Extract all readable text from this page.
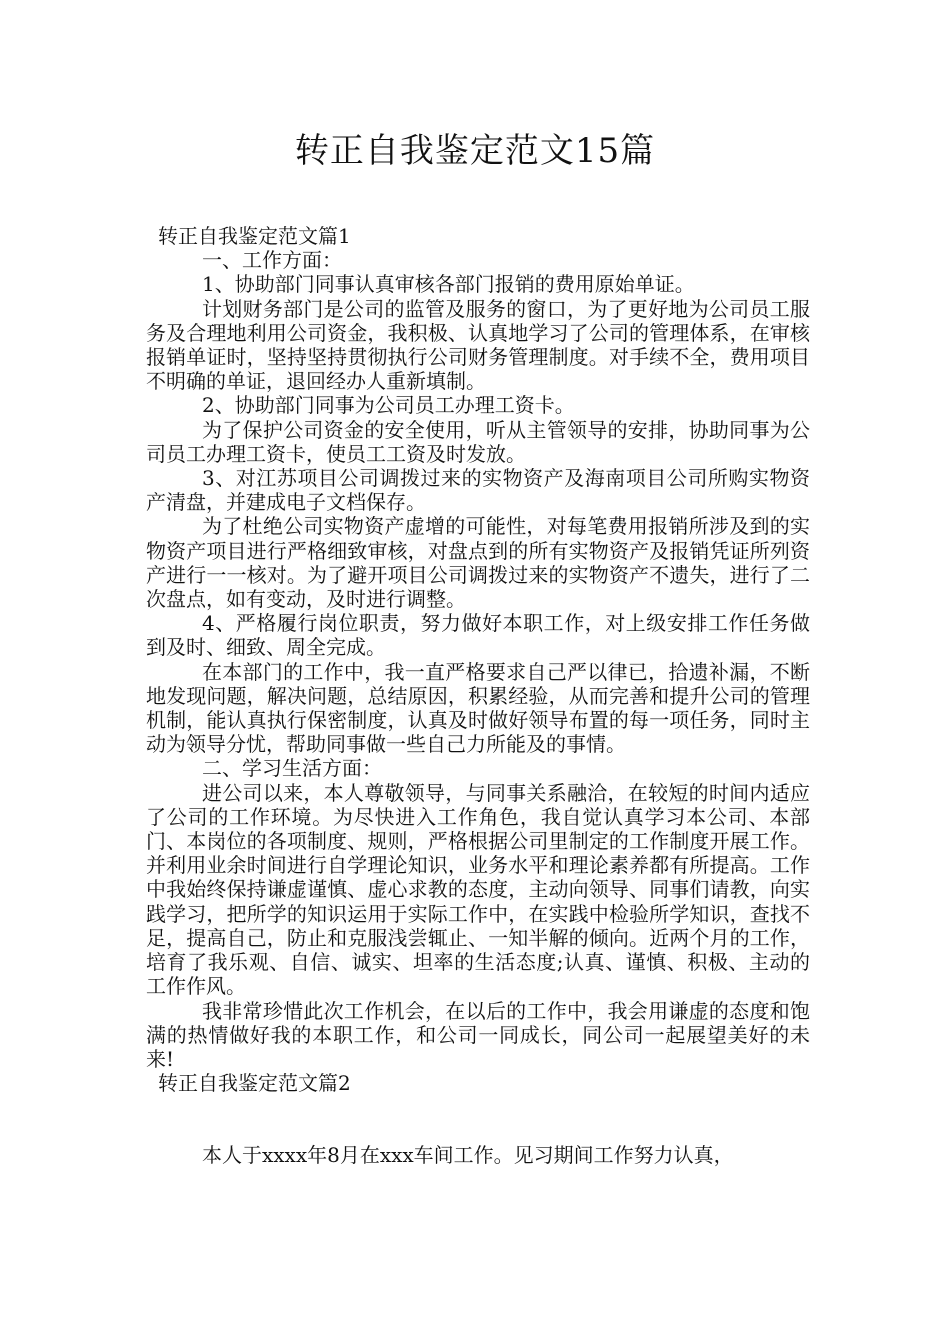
转正自我鉴定范文15篇

转正自我鉴定范文篇1

一、工作方面：

1、协助部门同事认真审核各部门报销的费用原始单证。

计划财务部门是公司的监管及服务的窗口，为了更好地为公司员工服务及合理地利用公司资金，我积极、认真地学习了公司的管理体系，在审核报销单证时，坚持坚持贯彻执行公司财务管理制度。对手续不全，费用项目不明确的单证，退回经办人重新填制。

2、协助部门同事为公司员工办理工资卡。

为了保护公司资金的安全使用，听从主管领导的安排，协助同事为公司员工办理工资卡，使员工工资及时发放。

3、对江苏项目公司调拨过来的实物资产及海南项目公司所购实物资产清盘，并建成电子文档保存。

为了杜绝公司实物资产虚增的可能性，对每笔费用报销所涉及到的实物资产项目进行严格细致审核，对盘点到的所有实物资产及报销凭证所列资产进行一一核对。为了避开项目公司调拨过来的实物资产不遗失，进行了二次盘点，如有变动，及时进行调整。

4、严格履行岗位职责，努力做好本职工作，对上级安排工作任务做到及时、细致、周全完成。

在本部门的工作中，我一直严格要求自己严以律已，拾遗补漏，不断地发现问题，解决问题，总结原因，积累经验，从而完善和提升公司的管理机制，能认真执行保密制度，认真及时做好领导布置的每一项任务，同时主动为领导分忧，帮助同事做一些自己力所能及的事情。

二、学习生活方面：

进公司以来，本人尊敬领导，与同事关系融洽，在较短的时间内适应了公司的工作环境。为尽快进入工作角色，我自觉认真学习本公司、本部门、本岗位的各项制度、规则，严格根据公司里制定的工作制度开展工作。并利用业余时间进行自学理论知识，业务水平和理论素养都有所提高。工作中我始终保持谦虚谨慎、虚心求教的态度，主动向领导、同事们请教，向实践学习，把所学的知识运用于实际工作中，在实践中检验所学知识，查找不足，提高自己，防止和克服浅尝辄止、一知半解的倾向。近两个月的工作，培育了我乐观、自信、诚实、坦率的生活态度;认真、谨慎、积极、主动的工作作风。

我非常珍惜此次工作机会，在以后的工作中，我会用谦虚的态度和饱满的热情做好我的本职工作，和公司一同成长，同公司一起展望美好的未来!

转正自我鉴定范文篇2

本人于xxxx年8月在xxx车间工作。见习期间工作努力认真，
